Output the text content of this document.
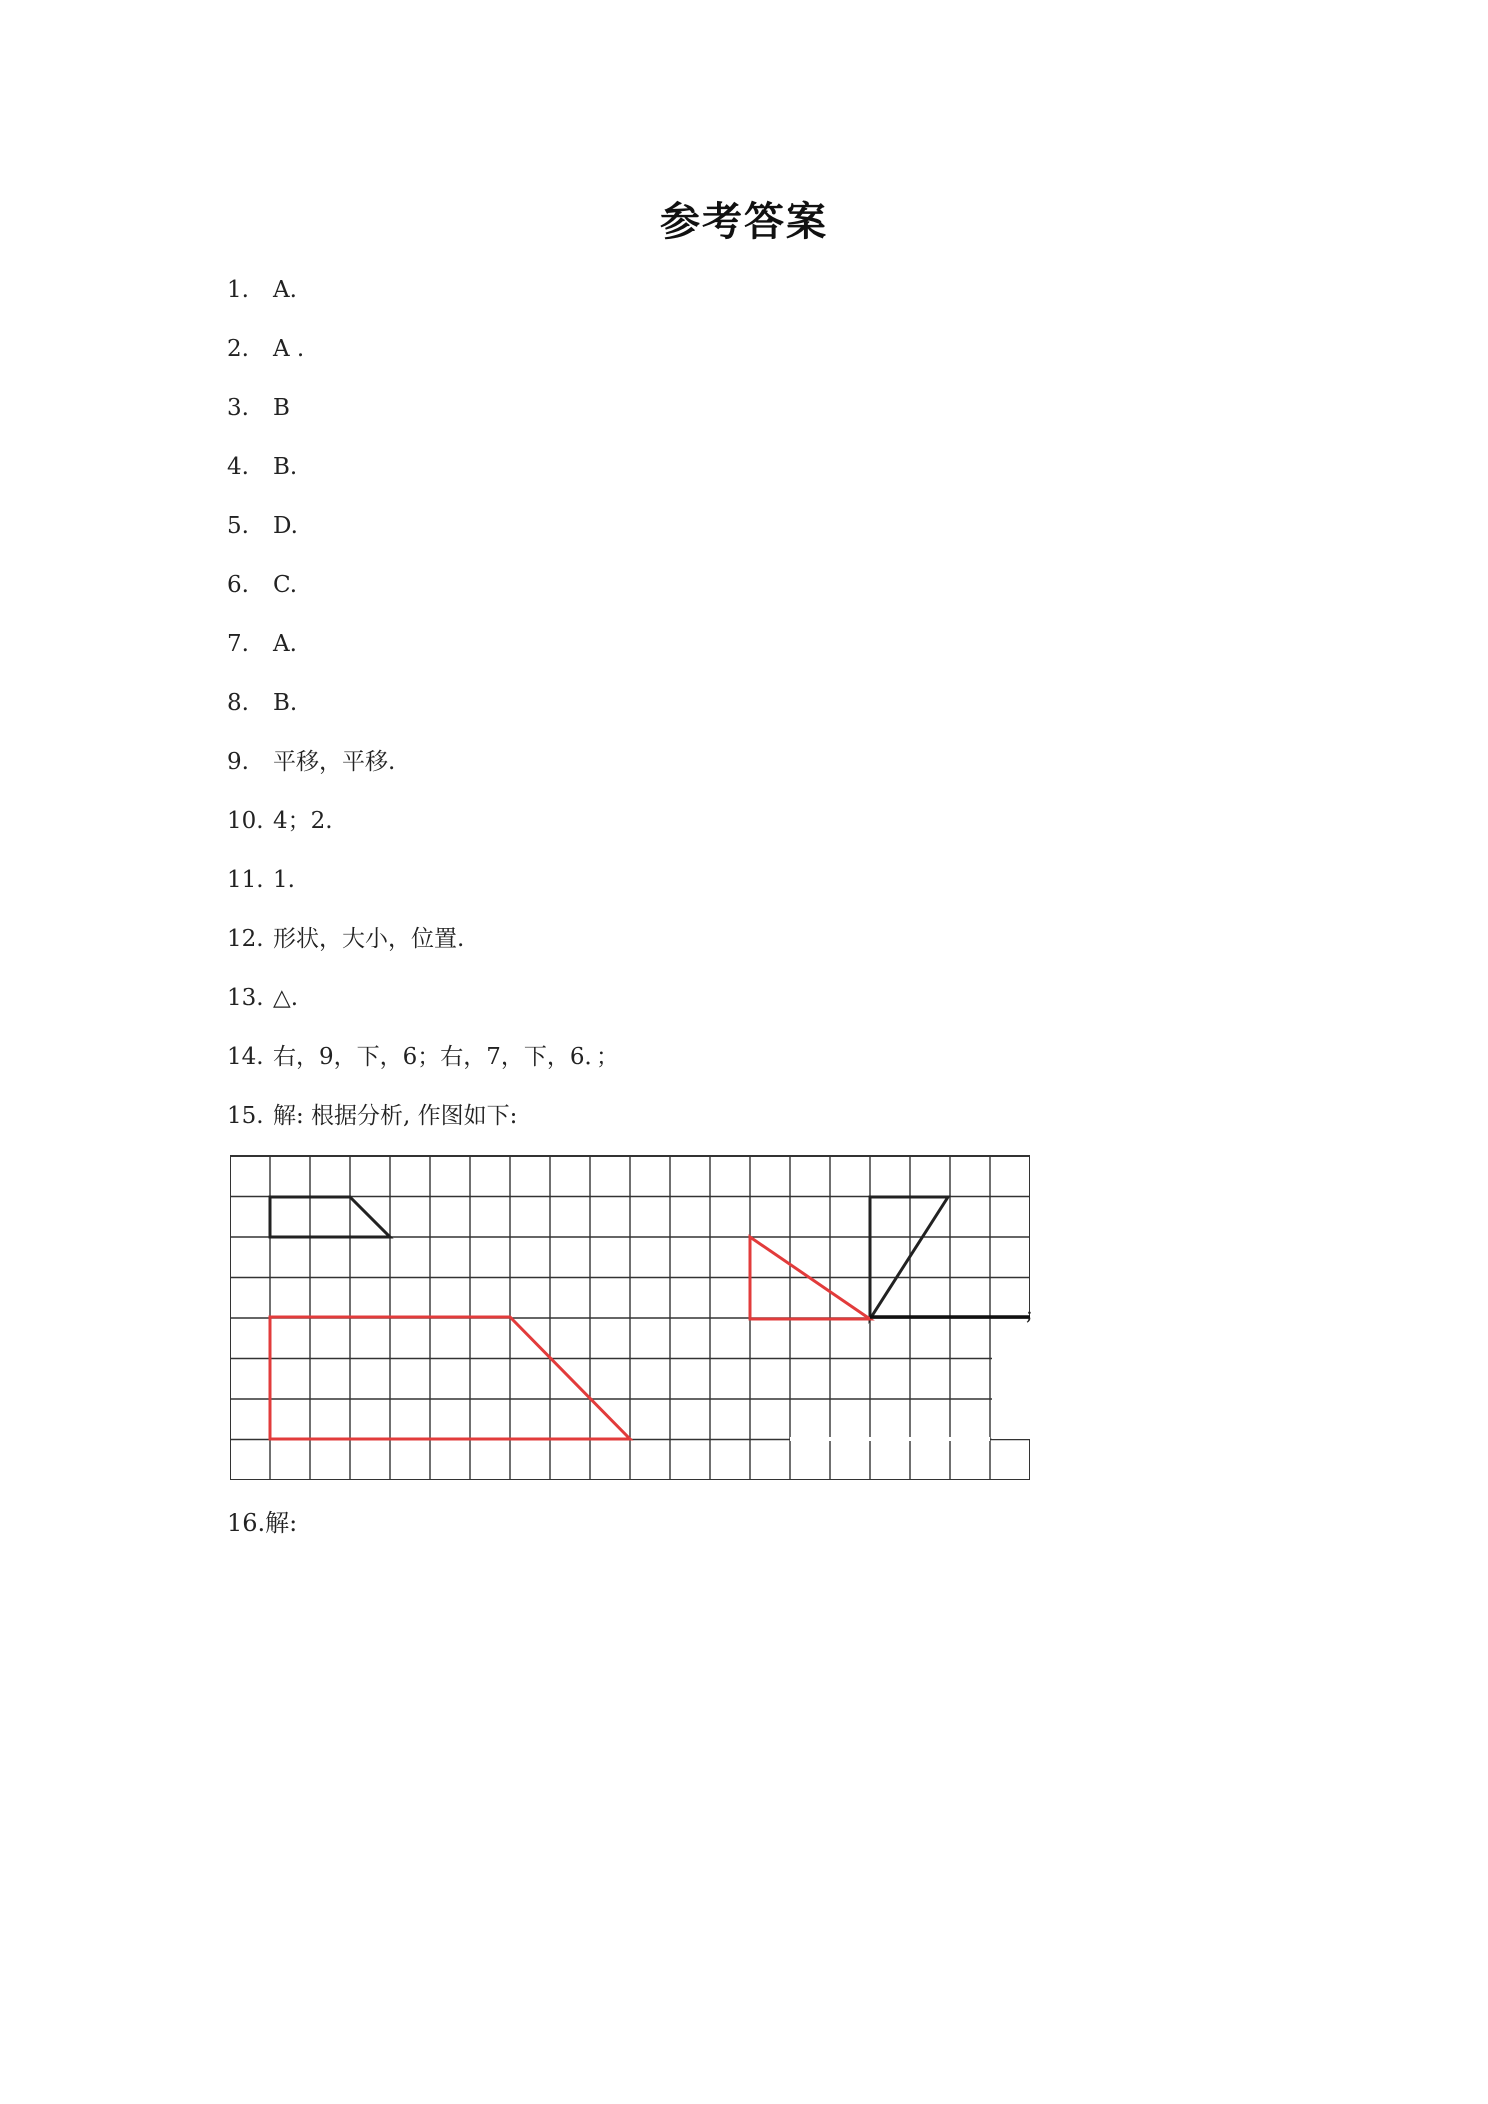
参考答案
1. A.
2. A .
3. B
4. B.
5. D.
6. C.
7. A.
8. B.
9. 平移，平移.
10. 4；2.
11. 1.
12. 形状，大小，位置.
13. △.
14. 右，9，下，6；右，7，下，6．；
15. 解: 根据分析, 作图如下:
;
16.解:
